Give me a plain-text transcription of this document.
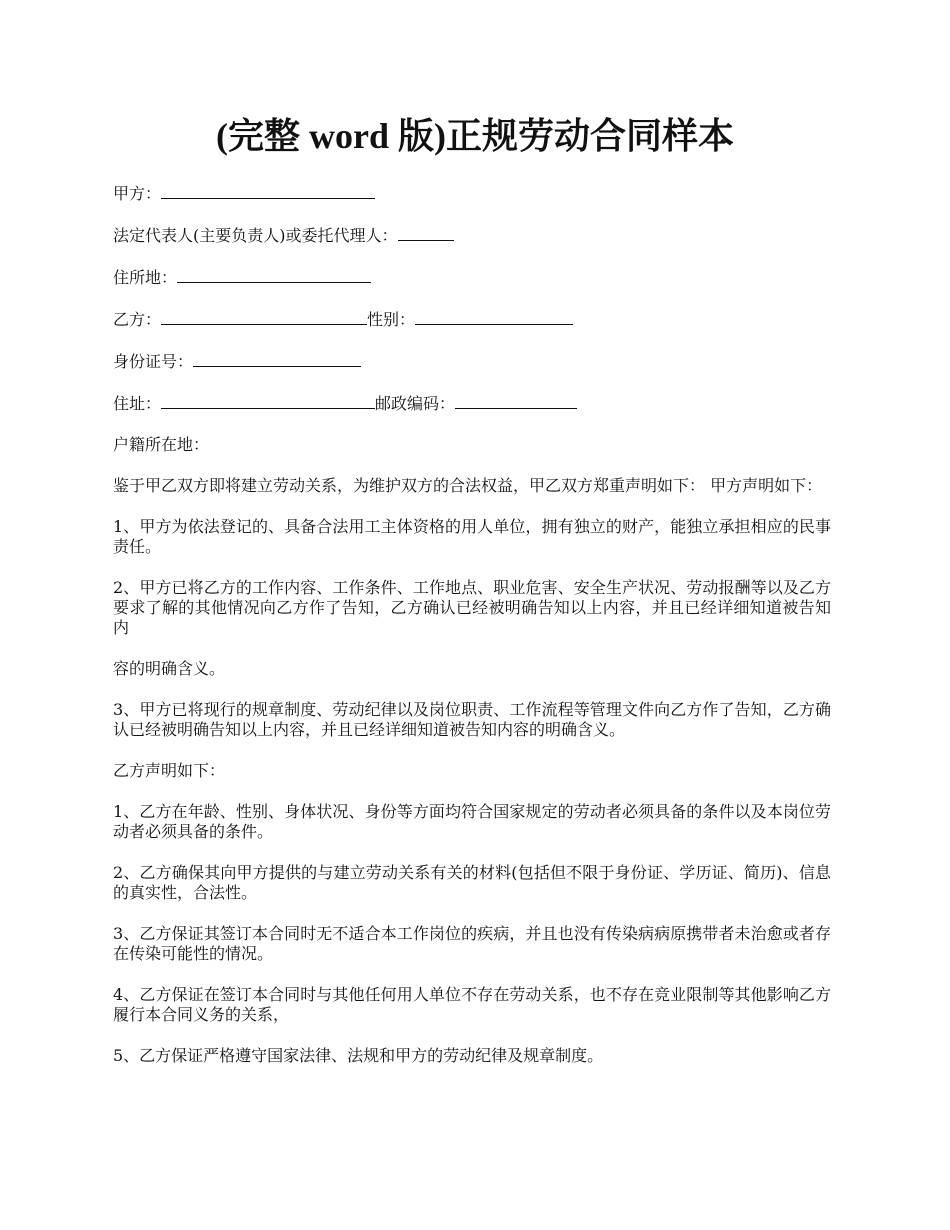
(完整 word 版)正规劳动合同样本

甲方：

法定代表人(主要负责人)或委托代理人：

住所地：

乙方：	性别：

身份证号：

住址：	邮政编码：

户籍所在地：

鉴于甲乙双方即将建立劳动关系，为维护双方的合法权益，甲乙双方郑重声明如下： 甲方声明如下：

1、甲方为依法登记的、具备合法用工主体资格的用人单位，拥有独立的财产，能独立承担相应的民事责任。

2、甲方已将乙方的工作内容、工作条件、工作地点、职业危害、安全生产状况、劳动报酬等以及乙方要求了解的其他情况向乙方作了告知，乙方确认已经被明确告知以上内容，并且已经详细知道被告知内

容的明确含义。

3、甲方已将现行的规章制度、劳动纪律以及岗位职责、工作流程等管理文件向乙方作了告知，乙方确认已经被明确告知以上内容，并且已经详细知道被告知内容的明确含义。

乙方声明如下：

1、乙方在年龄、性别、身体状况、身份等方面均符合国家规定的劳动者必须具备的条件以及本岗位劳动者必须具备的条件。

2、乙方确保其向甲方提供的与建立劳动关系有关的材料(包括但不限于身份证、学历证、简历)、信息的真实性，合法性。

3、乙方保证其签订本合同时无不适合本工作岗位的疾病，并且也没有传染病病原携带者未治愈或者存在传染可能性的情况。

4、乙方保证在签订本合同时与其他任何用人单位不存在劳动关系，也不存在竞业限制等其他影响乙方履行本合同义务的关系，

5、乙方保证严格遵守国家法律、法规和甲方的劳动纪律及规章制度。
